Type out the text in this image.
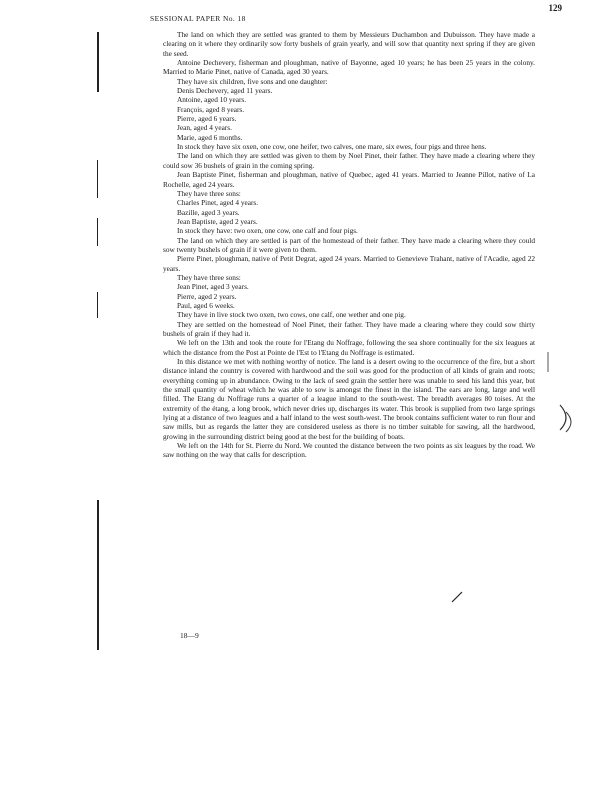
129
SESSIONAL PAPER No. 18

The land on which they are settled was granted to them by Messieurs Duchambon and Dubuisson. They have made a clearing on it where they ordinarily sow forty bushels of grain yearly, and will sow that quantity next spring if they are given the seed.

Antoine Dechevery, fisherman and ploughman, native of Bayonne, aged 10 years; he has been 25 years in the colony. Married to Marie Pinet, native of Canada, aged 30 years.

They have six children, five sons and one daughter:

Denis Dechevery, aged 11 years.

Antoine, aged 10 years.

François, aged 8 years.

Pierre, aged 6 years.

Jean, aged 4 years.

Marie, aged 6 months.

In stock they have six oxen, one cow, one heifer, two calves, one mare, six ewes, four pigs and three hens.

The land on which they are settled was given to them by Noel Pinet, their father. They have made a clearing where they could sow 36 bushels of grain in the coming spring.

Jean Baptiste Pinet, fisherman and ploughman, native of Quebec, aged 41 years. Married to Jeanne Pillot, native of La Rochelle, aged 24 years.

They have three sons:

Charles Pinet, aged 4 years.

Bazille, aged 3 years.

Jean Baptiste, aged 2 years.

In stock they have: two oxen, one cow, one calf and four pigs.

The land on which they are settled is part of the homestead of their father. They have made a clearing where they could sow twenty bushels of grain if it were given to them.

Pierre Pinet, ploughman, native of Petit Degrat, aged 24 years. Married to Genevieve Trahant, native of l'Acadie, aged 22 years.

They have three sons:

Jean Pinet, aged 3 years.

Pierre, aged 2 years.

Paul, aged 6 weeks.

They have in live stock two oxen, two cows, one calf, one wether and one pig.

They are settled on the homestead of Noel Pinet, their father. They have made a clearing where they could sow thirty bushels of grain if they had it.

We left on the 13th and took the route for l'Etang du Noffrage, following the sea shore continually for the six leagues at which the distance from the Post at Pointe de l'Est to l'Etang du Noffrage is estimated.

In this distance we met with nothing worthy of notice. The land is a desert owing to the occurrence of the fire, but a short distance inland the country is covered with hardwood and the soil was good for the production of all kinds of grain and roots; everything coming up in abundance. Owing to the lack of seed grain the settler here was unable to seed his land this year, but the small quantity of wheat which he was able to sow is amongst the finest in the island. The ears are long, large and well filled. The Etang du Noffrage runs a quarter of a league inland to the south-west. The breadth averages 80 toises. At the extremity of the étang, a long brook, which never dries up, discharges its water. This brook is supplied from two large springs lying at a distance of two leagues and a half inland to the west south-west. The brook contains sufficient water to run flour and saw mills, but as regards the latter they are considered useless as there is no timber suitable for sawing, all the hardwood, growing in the surrounding district being good at the best for the building of boats.

We left on the 14th for St. Pierre du Nord. We counted the distance between the two points as six leagues by the road. We saw nothing on the way that calls for description.

18—9
